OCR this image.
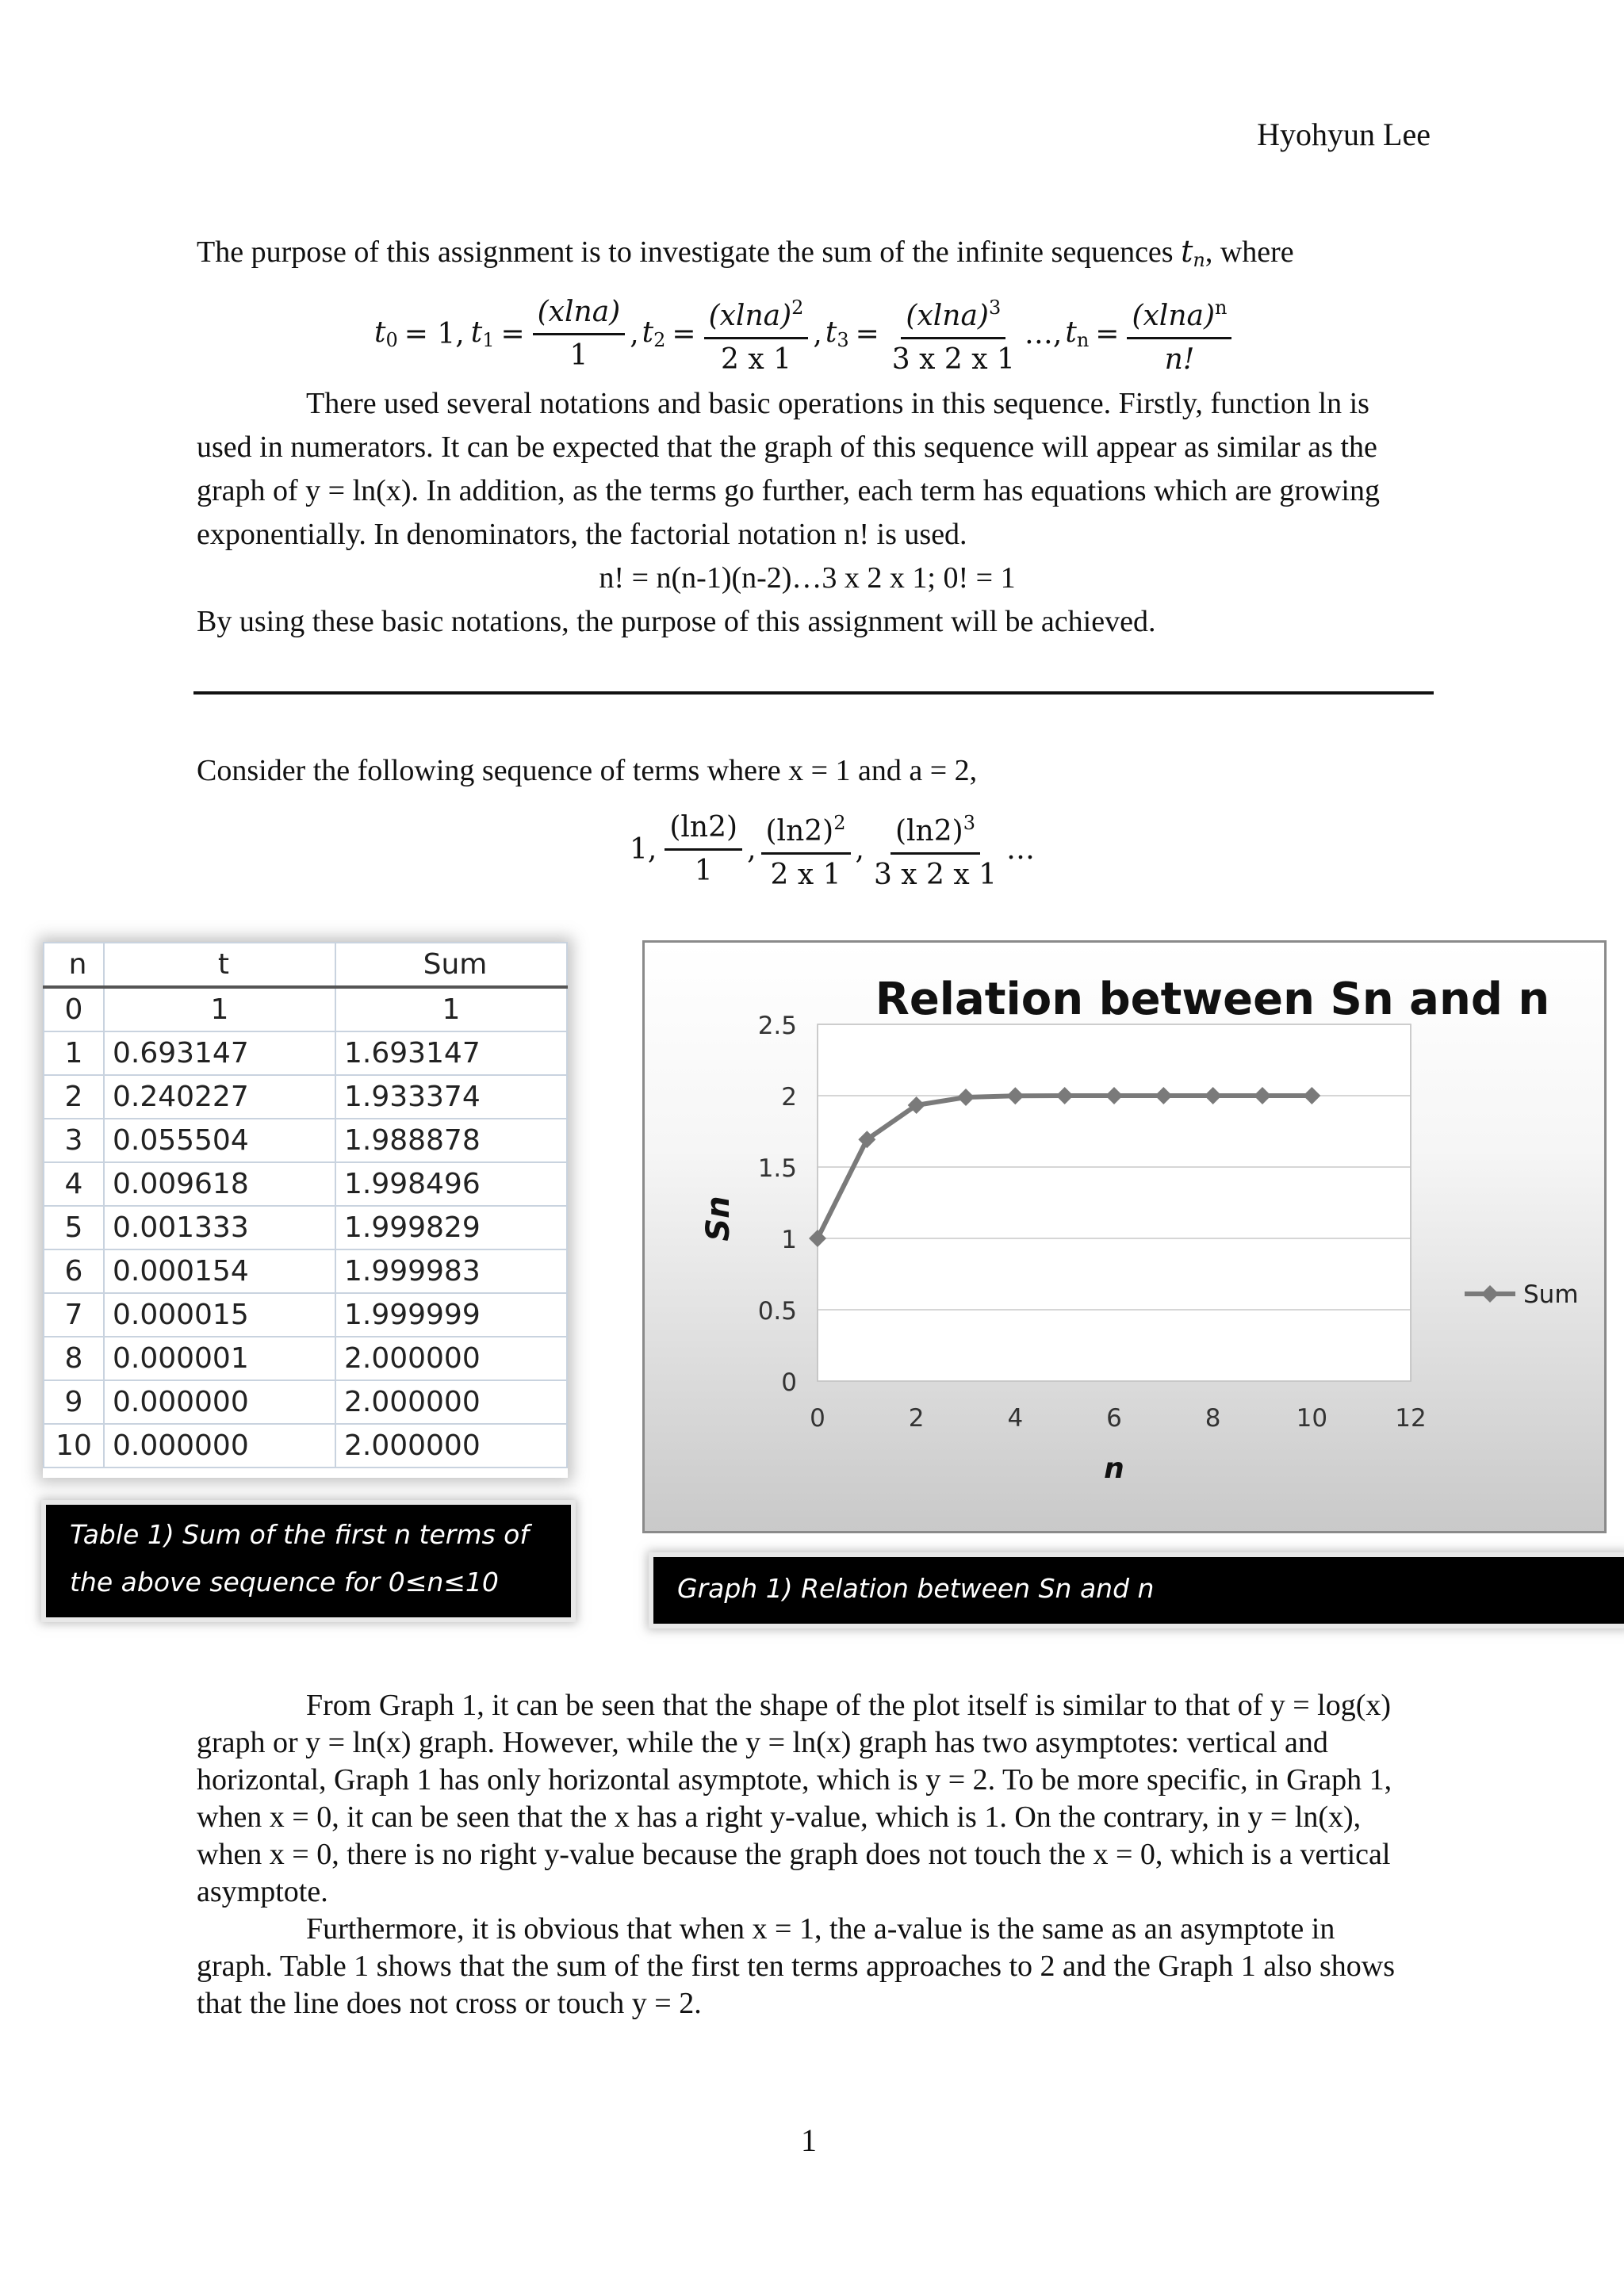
Hyohyun Lee
The purpose of this assignment is to investigate the sum of the infinite sequences $t_n$, where
$t_0 = 1$, $t_1 = \frac{(xlna)}{1}$ , $t_2 = \frac{(xlna)^2}{2 x 1}$ , $t_3 = \frac{(xlna)^3}{3 x 2 x 1}$ …, $t_n = \frac{(xlna)^n}{n!}$
There used several notations and basic operations in this sequence. Firstly, function ln is used in numerators. It can be expected that the graph of this sequence will appear as similar as the graph of y = ln(x). In addition, as the terms go further, each term has equations which are growing exponentially. In denominators, the factorial notation n! is used.
n! = n(n-1)(n-2)…3 x 2 x 1; 0! = 1
By using these basic notations, the purpose of this assignment will be achieved.
Consider the following sequence of terms where x = 1 and a = 2,
1, $\frac{(\ln 2)}{1}$ , $\frac{(\ln 2)^2}{2 x 1}$ , $\frac{(\ln 2)^3}{3 x 2 x 1}$ …
n	t	Sum
0	1	1
1	0.693147	1.693147
2	0.240227	1.933374
3	0.055504	1.988878
4	0.009618	1.998496
5	0.001333	1.999829
6	0.000154	1.999983
7	0.000015	1.999999
8	0.000001	2.000000
9	0.000000	2.000000
10	0.000000	2.000000
Table 1) Sum of the first n terms of the above sequence for 0≤n≤10
0
0.5
1
1.5
2
2.5
0	2	4	6	8	10	12
Relation between Sn and n
n
Sn
Sum
Graph 1) Relation between Sn and n
From Graph 1, it can be seen that the shape of the plot itself is similar to that of y = log(x) graph or y = ln(x) graph. However, while the y = ln(x) graph has two asymptotes: vertical and horizontal, Graph 1 has only horizontal asymptote, which is y = 2. To be more specific, in Graph 1, when x = 0, it can be seen that the x has a right y-value, which is 1. On the contrary, in y = ln(x), when x = 0, there is no right y-value because the graph does not touch the x = 0, which is a vertical asymptote.
Furthermore, it is obvious that when x = 1, the a-value is the same as an asymptote in graph. Table 1 shows that the sum of the first ten terms approaches to 2 and the Graph 1 also shows that the line does not cross or touch y = 2.
1
